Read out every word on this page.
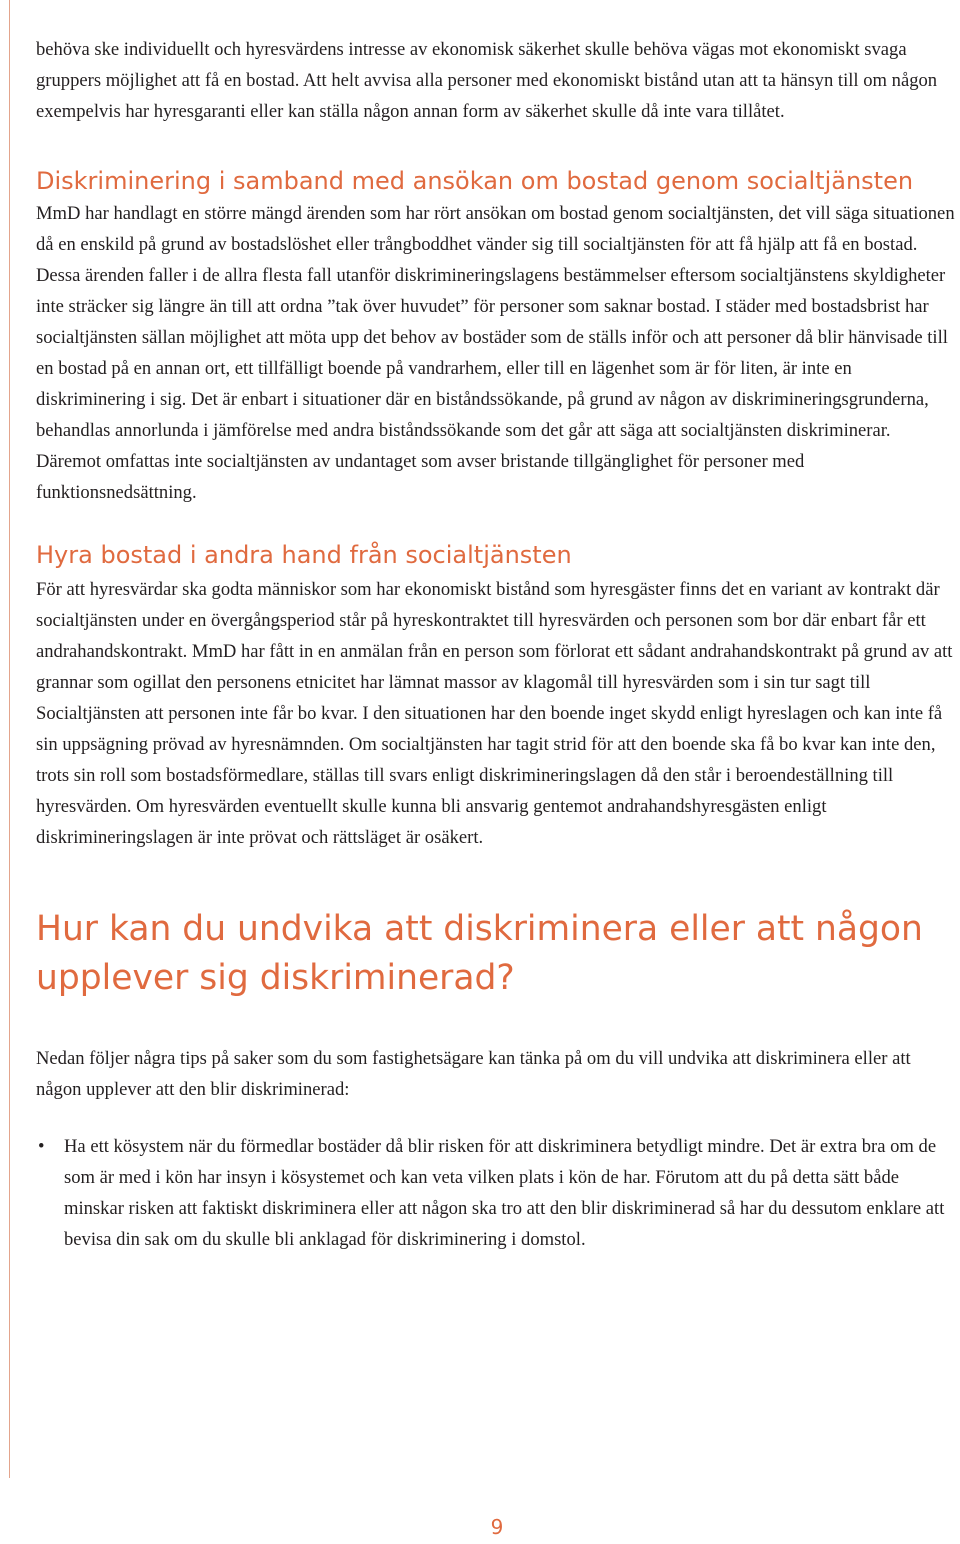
behöva ske individuellt och hyresvärdens intresse av ekonomisk säkerhet skulle behöva vägas mot ekonomiskt svaga gruppers möjlighet att få en bostad. Att helt avvisa alla personer med ekonomiskt bistånd utan att ta hänsyn till om någon exempelvis har hyresgaranti eller kan ställa någon annan form av säkerhet skulle då inte vara tillåtet.

Diskriminering i samband med ansökan om bostad genom socialtjänsten

MmD har handlagt en större mängd ärenden som har rört ansökan om bostad genom socialtjänsten, det vill säga situationen då en enskild på grund av bostadslöshet eller trångboddhet vänder sig till socialtjänsten för att få hjälp att få en bostad. Dessa ärenden faller i de allra flesta fall utanför diskrimineringslagens bestämmelser eftersom socialtjänstens skyldigheter inte sträcker sig längre än till att ordna ”tak över huvudet” för personer som saknar bostad. I städer med bostadsbrist har socialtjänsten sällan möjlighet att möta upp det behov av bostäder som de ställs inför och att personer då blir hänvisade till en bostad på en annan ort, ett tillfälligt boende på vandrarhem, eller till en lägenhet som är för liten, är inte en diskriminering i sig. Det är enbart i situationer där en biståndssökande, på grund av någon av diskrimineringsgrunderna, behandlas annorlunda i jämförelse med andra biståndssökande som det går att säga att socialtjänsten diskriminerar. Däremot omfattas inte socialtjänsten av undantaget som avser bristande tillgänglighet för personer med funktionsnedsättning.

Hyra bostad i andra hand från socialtjänsten

För att hyresvärdar ska godta människor som har ekonomiskt bistånd som hyresgäster finns det en variant av kontrakt där socialtjänsten under en övergångsperiod står på hyreskontraktet till hyresvärden och personen som bor där enbart får ett andrahandskontrakt. MmD har fått in en anmälan från en person som förlorat ett sådant andrahandskontrakt på grund av att grannar som ogillat den personens etnicitet har lämnat massor av klagomål till hyresvärden som i sin tur sagt till Socialtjänsten att personen inte får bo kvar. I den situationen har den boende inget skydd enligt hyreslagen och kan inte få sin uppsägning prövad av hyresnämnden. Om socialtjänsten har tagit strid för att den boende ska få bo kvar kan inte den, trots sin roll som bostadsförmedlare, ställas till svars enligt diskrimineringslagen då den står i beroendeställning till hyresvärden. Om hyresvärden eventuellt skulle kunna bli ansvarig gentemot andrahandshyresgästen enligt diskrimineringslagen är inte prövat och rättsläget är osäkert.

Hur kan du undvika att diskriminera eller att någon
upplever sig diskriminerad?

Nedan följer några tips på saker som du som fastighetsägare kan tänka på om du vill undvika att diskriminera eller att någon upplever att den blir diskriminerad:

• Ha ett kösystem när du förmedlar bostäder då blir risken för att diskriminera betydligt mindre. Det är extra bra om de som är med i kön har insyn i kösystemet och kan veta vilken plats i kön de har. Förutom att du på detta sätt både minskar risken att faktiskt diskriminera eller att någon ska tro att den blir diskriminerad så har du dessutom enklare att bevisa din sak om du skulle bli anklagad för diskriminering i domstol.
9
